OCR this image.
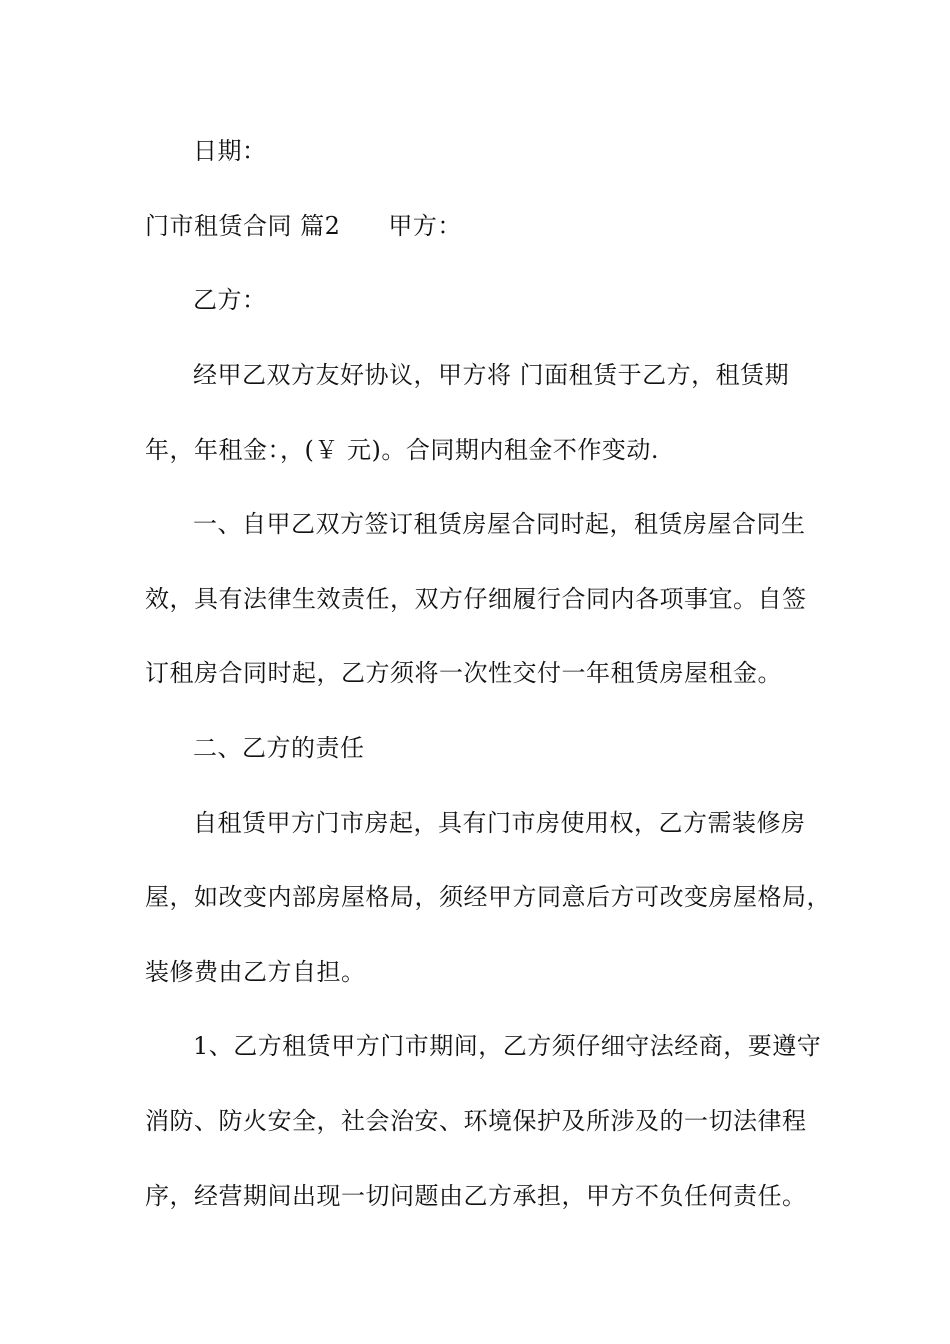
日期：
门市租赁合同 篇2 甲方：
乙方：
经甲乙双方友好协议，甲方将 门面租赁于乙方，租赁期
年，年租金：，(￥ 元)。合同期内租金不作变动.
一、自甲乙双方签订租赁房屋合同时起，租赁房屋合同生
效，具有法律生效责任，双方仔细履行合同内各项事宜。自签
订租房合同时起，乙方须将一次性交付一年租赁房屋租金。
二、乙方的责任
自租赁甲方门市房起，具有门市房使用权，乙方需装修房
屋，如改变内部房屋格局，须经甲方同意后方可改变房屋格局，
装修费由乙方自担。
1、乙方租赁甲方门市期间，乙方须仔细守法经商，要遵守
消防、防火安全，社会治安、环境保护及所涉及的一切法律程
序，经营期间出现一切问题由乙方承担，甲方不负任何责任。
